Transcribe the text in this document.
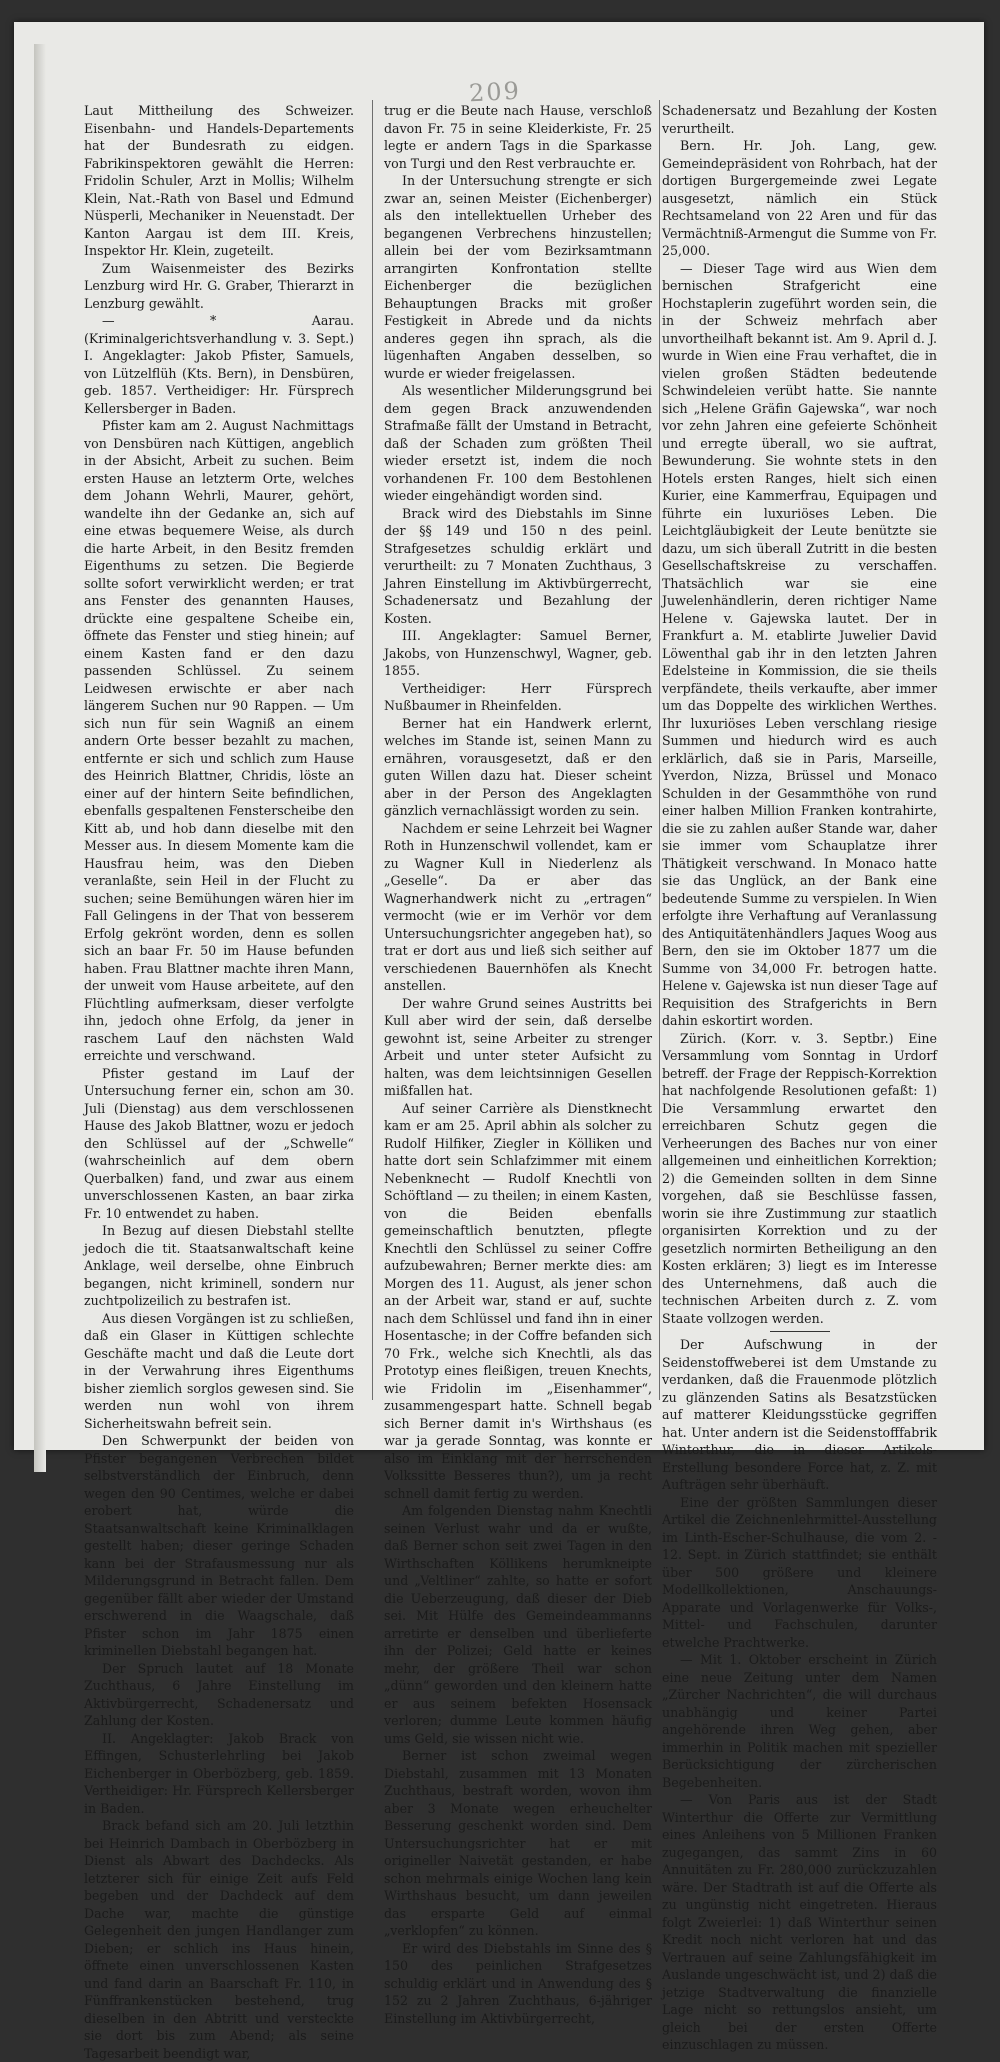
209

Laut Mittheilung des Schweizer. Eisenbahn- und Handels-Departements hat der Bundesrath zu eidgen. Fabrikinspektoren gewählt die Herren: Fridolin Schuler, Arzt in Mollis; Wilhelm Klein, Nat.-Rath von Basel und Edmund Nüsperli, Mechaniker in Neuenstadt. Der Kanton Aargau ist dem III. Kreis, Inspektor Hr. Klein, zugeteilt.

Zum Waisenmeister des Bezirks Lenzburg wird Hr. G. Graber, Thierarzt in Lenzburg gewählt.

— * Aarau. (Kriminalgerichtsverhandlung v. 3. Sept.) I. Angeklagter: Jakob Pfister, Samuels, von Lützelflüh (Kts. Bern), in Densbüren, geb. 1857. Vertheidiger: Hr. Fürsprech Kellersberger in Baden.

Pfister kam am 2. August Nachmittags von Densbüren nach Küttigen, angeblich in der Absicht, Arbeit zu suchen. Beim ersten Hause an letzterm Orte, welches dem Johann Wehrli, Maurer, gehört, wandelte ihn der Gedanke an, sich auf eine etwas bequemere Weise, als durch die harte Arbeit, in den Besitz fremden Eigenthums zu setzen. Die Begierde sollte sofort verwirklicht werden; er trat ans Fenster des genannten Hauses, drückte eine gespaltene Scheibe ein, öffnete das Fenster und stieg hinein; auf einem Kasten fand er den dazu passenden Schlüssel. Zu seinem Leidwesen erwischte er aber nach längerem Suchen nur 90 Rappen. — Um sich nun für sein Wagniß an einem andern Orte besser bezahlt zu machen, entfernte er sich und schlich zum Hause des Heinrich Blattner, Chridis, löste an einer auf der hintern Seite befindlichen, ebenfalls gespaltenen Fensterscheibe den Kitt ab, und hob dann dieselbe mit den Messer aus. In diesem Momente kam die Hausfrau heim, was den Dieben veranlaßte, sein Heil in der Flucht zu suchen; seine Bemühungen wären hier im Fall Gelingens in der That von besserem Erfolg gekrönt worden, denn es sollen sich an baar Fr. 50 im Hause befunden haben. Frau Blattner machte ihren Mann, der unweit vom Hause arbeitete, auf den Flüchtling aufmerksam, dieser verfolgte ihn, jedoch ohne Erfolg, da jener in raschem Lauf den nächsten Wald erreichte und verschwand.

Pfister gestand im Lauf der Untersuchung ferner ein, schon am 30. Juli (Dienstag) aus dem verschlossenen Hause des Jakob Blattner, wozu er jedoch den Schlüssel auf der „Schwelle“ (wahrscheinlich auf dem obern Querbalken) fand, und zwar aus einem unverschlossenen Kasten, an baar zirka Fr. 10 entwendet zu haben.

In Bezug auf diesen Diebstahl stellte jedoch die tit. Staatsanwaltschaft keine Anklage, weil derselbe, ohne Einbruch begangen, nicht kriminell, sondern nur zuchtpolizeilich zu bestrafen ist.

Aus diesen Vorgängen ist zu schließen, daß ein Glaser in Küttigen schlechte Geschäfte macht und daß die Leute dort in der Verwahrung ihres Eigenthums bisher ziemlich sorglos gewesen sind. Sie werden nun wohl von ihrem Sicherheitswahn befreit sein.

Den Schwerpunkt der beiden von Pfister begangenen Verbrechen bildet selbstverständlich der Einbruch, denn wegen den 90 Centimes, welche er dabei erobert hat, würde die Staatsanwaltschaft keine Kriminalklagen gestellt haben; dieser geringe Schaden kann bei der Strafausmessung nur als Milderungsgrund in Betracht fallen. Dem gegenüber fällt aber wieder der Umstand erschwerend in die Waagschale, daß Pfister schon im Jahr 1875 einen kriminellen Diebstahl begangen hat.

Der Spruch lautet auf 18 Monate Zuchthaus, 6 Jahre Einstellung im Aktivbürgerrecht, Schadenersatz und Zahlung der Kosten.

II. Angeklagter: Jakob Brack von Effingen, Schusterlehrling bei Jakob Eichenberger in Oberbözberg, geb. 1859. Vertheidiger: Hr. Fürsprech Kellersberger in Baden.

Brack befand sich am 20. Juli letzthin bei Heinrich Dambach in Oberbözberg in Dienst als Abwart des Dachdecks. Als letzterer sich für einige Zeit aufs Feld begeben und der Dachdeck auf dem Dache war, machte die günstige Gelegenheit den jungen Handlanger zum Dieben; er schlich ins Haus hinein, öffnete einen unverschlossenen Kasten und fand darin an Baarschaft Fr. 110, in Fünffrankenstücken bestehend, trug dieselben in den Abtritt und versteckte sie dort bis zum Abend; als seine Tagesarbeit beendigt war,

trug er die Beute nach Hause, verschloß davon Fr. 75 in seine Kleiderkiste, Fr. 25 legte er andern Tags in die Sparkasse von Turgi und den Rest verbrauchte er.

In der Untersuchung strengte er sich zwar an, seinen Meister (Eichenberger) als den intellektuellen Urheber des begangenen Verbrechens hinzustellen; allein bei der vom Bezirksamtmann arrangirten Konfrontation stellte Eichenberger die bezüglichen Behauptungen Bracks mit großer Festigkeit in Abrede und da nichts anderes gegen ihn sprach, als die lügenhaften Angaben desselben, so wurde er wieder freigelassen.

Als wesentlicher Milderungsgrund bei dem gegen Brack anzuwendenden Strafmaße fällt der Umstand in Betracht, daß der Schaden zum größten Theil wieder ersetzt ist, indem die noch vorhandenen Fr. 100 dem Bestohlenen wieder eingehändigt worden sind.

Brack wird des Diebstahls im Sinne der §§ 149 und 150 n des peinl. Strafgesetzes schuldig erklärt und verurtheilt: zu 7 Monaten Zuchthaus, 3 Jahren Einstellung im Aktivbürgerrecht, Schadenersatz und Bezahlung der Kosten.

III. Angeklagter: Samuel Berner, Jakobs, von Hunzenschwyl, Wagner, geb. 1855.

Vertheidiger: Herr Fürsprech Nußbaumer in Rheinfelden.

Berner hat ein Handwerk erlernt, welches im Stande ist, seinen Mann zu ernähren, vorausgesetzt, daß er den guten Willen dazu hat. Dieser scheint aber in der Person des Angeklagten gänzlich vernachlässigt worden zu sein.

Nachdem er seine Lehrzeit bei Wagner Roth in Hunzenschwil vollendet, kam er zu Wagner Kull in Niederlenz als „Geselle“. Da er aber das Wagnerhandwerk nicht zu „ertragen“ vermocht (wie er im Verhör vor dem Untersuchungsrichter angegeben hat), so trat er dort aus und ließ sich seither auf verschiedenen Bauernhöfen als Knecht anstellen.

Der wahre Grund seines Austritts bei Kull aber wird der sein, daß derselbe gewohnt ist, seine Arbeiter zu strenger Arbeit und unter steter Aufsicht zu halten, was dem leichtsinnigen Gesellen mißfallen hat.

Auf seiner Carrière als Dienstknecht kam er am 25. April abhin als solcher zu Rudolf Hilfiker, Ziegler in Kölliken und hatte dort sein Schlafzimmer mit einem Nebenknecht — Rudolf Knechtli von Schöftland — zu theilen; in einem Kasten, von die Beiden ebenfalls gemeinschaftlich benutzten, pflegte Knechtli den Schlüssel zu seiner Coffre aufzubewahren; Berner merkte dies: am Morgen des 11. August, als jener schon an der Arbeit war, stand er auf, suchte nach dem Schlüssel und fand ihn in einer Hosentasche; in der Coffre befanden sich 70 Frk., welche sich Knechtli, als das Prototyp eines fleißigen, treuen Knechts, wie Fridolin im „Eisenhammer“, zusammengespart hatte. Schnell begab sich Berner damit in's Wirthshaus (es war ja gerade Sonntag, was konnte er also im Einklang mit der herrschenden Volkssitte Besseres thun?), um ja recht schnell damit fertig zu werden.

Am folgenden Dienstag nahm Knechtli seinen Verlust wahr und da er wußte, daß Berner schon seit zwei Tagen in den Wirthschaften Köllikens herumkneipte und „Veltliner“ zahlte, so hatte er sofort die Ueberzeugung, daß dieser der Dieb sei. Mit Hülfe des Gemeindeammanns arretirte er denselben und überlieferte ihn der Polizei; Geld hatte er keines mehr, der größere Theil war schon „dünn“ geworden und den kleinern hatte er aus seinem befekten Hosensack verloren; dumme Leute kommen häufig ums Geld, sie wissen nicht wie.

Berner ist schon zweimal wegen Diebstahl, zusammen mit 13 Monaten Zuchthaus, bestraft worden, wovon ihm aber 3 Monate wegen erheuchelter Besserung geschenkt worden sind. Dem Untersuchungsrichter hat er mit origineller Naivetät gestanden, er habe schon mehrmals einige Wochen lang kein Wirthshaus besucht, um dann jeweilen das ersparte Geld auf einmal „verklopfen“ zu können.

Er wird des Diebstahls im Sinne des § 150 des peinlichen Strafgesetzes schuldig erklärt und in Anwendung des § 152 zu 2 Jahren Zuchthaus, 6-jähriger Einstellung im Aktivbürgerrecht,

Schadenersatz und Bezahlung der Kosten verurtheilt.

Bern. Hr. Joh. Lang, gew. Gemeindepräsident von Rohrbach, hat der dortigen Burgergemeinde zwei Legate ausgesetzt, nämlich ein Stück Rechtsameland von 22 Aren und für das Vermächtniß-Armengut die Summe von Fr. 25,000.

— Dieser Tage wird aus Wien dem bernischen Strafgericht eine Hochstaplerin zugeführt worden sein, die in der Schweiz mehrfach aber unvortheilhaft bekannt ist. Am 9. April d. J. wurde in Wien eine Frau verhaftet, die in vielen großen Städten bedeutende Schwindeleien verübt hatte. Sie nannte sich „Helene Gräfin Gajewska“, war noch vor zehn Jahren eine gefeierte Schönheit und erregte überall, wo sie auftrat, Bewunderung. Sie wohnte stets in den Hotels ersten Ranges, hielt sich einen Kurier, eine Kammerfrau, Equipagen und führte ein luxuriöses Leben. Die Leichtgläubigkeit der Leute benützte sie dazu, um sich überall Zutritt in die besten Gesellschaftskreise zu verschaffen. Thatsächlich war sie eine Juwelenhändlerin, deren richtiger Name Helene v. Gajewska lautet. Der in Frankfurt a. M. etablirte Juwelier David Löwenthal gab ihr in den letzten Jahren Edelsteine in Kommission, die sie theils verpfändete, theils verkaufte, aber immer um das Doppelte des wirklichen Werthes. Ihr luxuriöses Leben verschlang riesige Summen und hiedurch wird es auch erklärlich, daß sie in Paris, Marseille, Yverdon, Nizza, Brüssel und Monaco Schulden in der Gesammthöhe von rund einer halben Million Franken kontrahirte, die sie zu zahlen außer Stande war, daher sie immer vom Schauplatze ihrer Thätigkeit verschwand. In Monaco hatte sie das Unglück, an der Bank eine bedeutende Summe zu verspielen. In Wien erfolgte ihre Verhaftung auf Veranlassung des Antiquitätenhändlers Jaques Woog aus Bern, den sie im Oktober 1877 um die Summe von 34,000 Fr. betrogen hatte. Helene v. Gajewska ist nun dieser Tage auf Requisition des Strafgerichts in Bern dahin eskortirt worden.

Zürich. (Korr. v. 3. Septbr.) Eine Versammlung vom Sonntag in Urdorf betreff. der Frage der Reppisch-Korrektion hat nachfolgende Resolutionen gefaßt: 1) Die Versammlung erwartet den erreichbaren Schutz gegen die Verheerungen des Baches nur von einer allgemeinen und einheitlichen Korrektion; 2) die Gemeinden sollten in dem Sinne vorgehen, daß sie Beschlüsse fassen, worin sie ihre Zustimmung zur staatlich organisirten Korrektion und zu der gesetzlich normirten Betheiligung an den Kosten erklären; 3) liegt es im Interesse des Unternehmens, daß auch die technischen Arbeiten durch z. Z. vom Staate vollzogen werden.

Der Aufschwung in der Seidenstoffweberei ist dem Umstande zu verdanken, daß die Frauenmode plötzlich zu glänzenden Satins als Besatzstücken auf matterer Kleidungsstücke gegriffen hat. Unter andern ist die Seidenstofffabrik Winterthur, die in dieser Artikels-Erstellung besondere Force hat, z. Z. mit Aufträgen sehr überhäuft.

Eine der größten Sammlungen dieser Artikel die Zeichnenlehrmittel-Ausstellung im Linth-Escher-Schulhause, die vom 2. - 12. Sept. in Zürich stattfindet; sie enthält über 500 größere und kleinere Modellkollektionen, Anschauungs-Apparate und Vorlagenwerke für Volks-, Mittel- und Fachschulen, darunter etwelche Prachtwerke.

— Mit 1. Oktober erscheint in Zürich eine neue Zeitung unter dem Namen „Zürcher Nachrichten“, die will durchaus unabhängig und keiner Partei angehörende ihren Weg gehen, aber immerhin in Politik machen mit spezieller Berücksichtigung der zürcherischen Begebenheiten.

— Von Paris aus ist der Stadt Winterthur die Offerte zur Vermittlung eines Anleihens von 5 Millionen Franken zugegangen, das sammt Zins in 60 Annuitäten zu Fr. 280,000 zurückzuzahlen wäre. Der Stadtrath ist auf die Offerte als zu ungünstig nicht eingetreten. Hieraus folgt Zweierlei: 1) daß Winterthur seinen Kredit noch nicht verloren hat und das Vertrauen auf seine Zahlungsfähigkeit im Auslande ungeschwächt ist, und 2) daß die jetzige Stadtverwaltung die finanzielle Lage nicht so rettungslos ansieht, um gleich bei der ersten Offerte einzuschlagen zu müssen.
